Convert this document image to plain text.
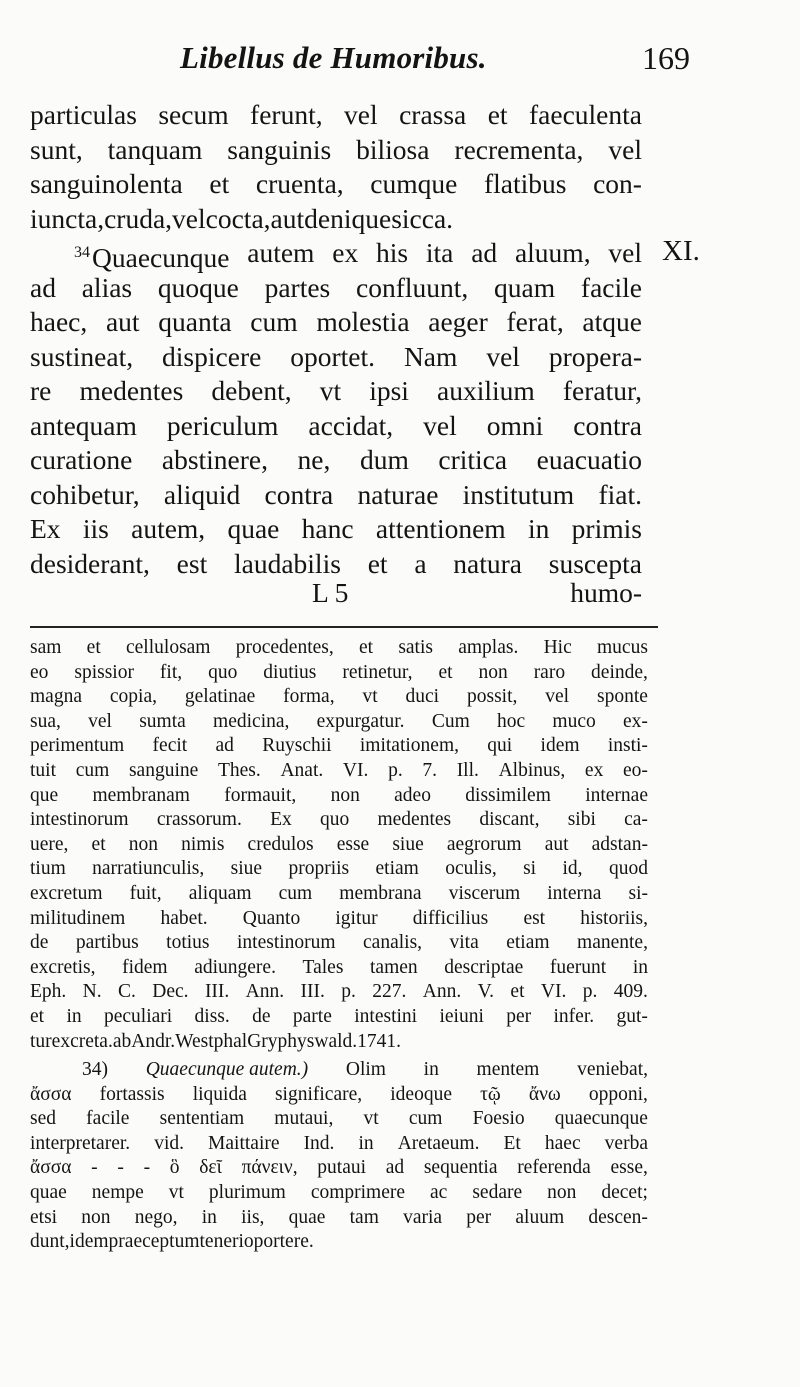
Libellus de Humoribus.	169
particulas secum ferunt, vel crassa et faeculenta
sunt, tanquam sanguinis biliosa recrementa, vel
sanguinolenta et cruenta, cumque flatibus con-
iuncta, cruda, vel cocta, aut denique sicca.
$^{34}$Quaecunque autem ex his ita ad aluum, vel
ad alias quoque partes confluunt, quam facile
haec, aut quanta cum molestia aeger ferat, atque
sustineat, dispicere oportet. Nam vel propera-
re medentes debent, vt ipsi auxilium feratur,
antequam periculum accidat, vel omni contra
curatione abstinere, ne, dum critica euacuatio
cohibetur, aliquid contra naturae institutum fiat.
Ex iis autem, quae hanc attentionem in primis
desiderant, est laudabilis et a natura suscepta
XI.
L 5	humo-
sam et cellulosam procedentes, et satis amplas. Hic mucus
eo spissior fit, quo diutius retinetur, et non raro deinde,
magna copia, gelatinae forma, vt duci possit, vel sponte
sua, vel sumta medicina, expurgatur. Cum hoc muco ex-
perimentum fecit ad Ruyschii imitationem, qui idem insti-
tuit cum sanguine Thes. Anat. VI. p. 7. Ill. Albinus, ex eo-
que membranam formauit, non adeo dissimilem internae
intestinorum crassorum. Ex quo medentes discant, sibi ca-
uere, et non nimis credulos esse siue aegrorum aut adstan-
tium narratiunculis, siue propriis etiam oculis, si id, quod
excretum fuit, aliquam cum membrana viscerum interna si-
militudinem habet. Quanto igitur difficilius est historiis,
de partibus totius intestinorum canalis, vita etiam manente,
excretis, fidem adiungere. Tales tamen descriptae fuerunt in
Eph. N. C. Dec. III. Ann. III. p. 227. Ann. V. et VI. p. 409.
et in peculiari diss. de parte intestini ieiuni per infer. gut-
tur excreta. ab Andr. Westphal Gryphyswald. 1741.
34) Quaecunque autem.) Olim in mentem veniebat,
ἄσσα fortassis liquida significare, ideoque τῷ ἄνω opponi,
sed facile sententiam mutaui, vt cum Foesio quaecunque
interpretarer. vid. Maittaire Ind. in Aretaeum. Et haec verba
ἄσσα - - - ὃ δεῖ πάνειν, putaui ad sequentia referenda esse,
quae nempe vt plurimum comprimere ac sedare non decet;
etsi non nego, in iis, quae tam varia per aluum descen-
dunt, idem praeceptum teneri oportere.
